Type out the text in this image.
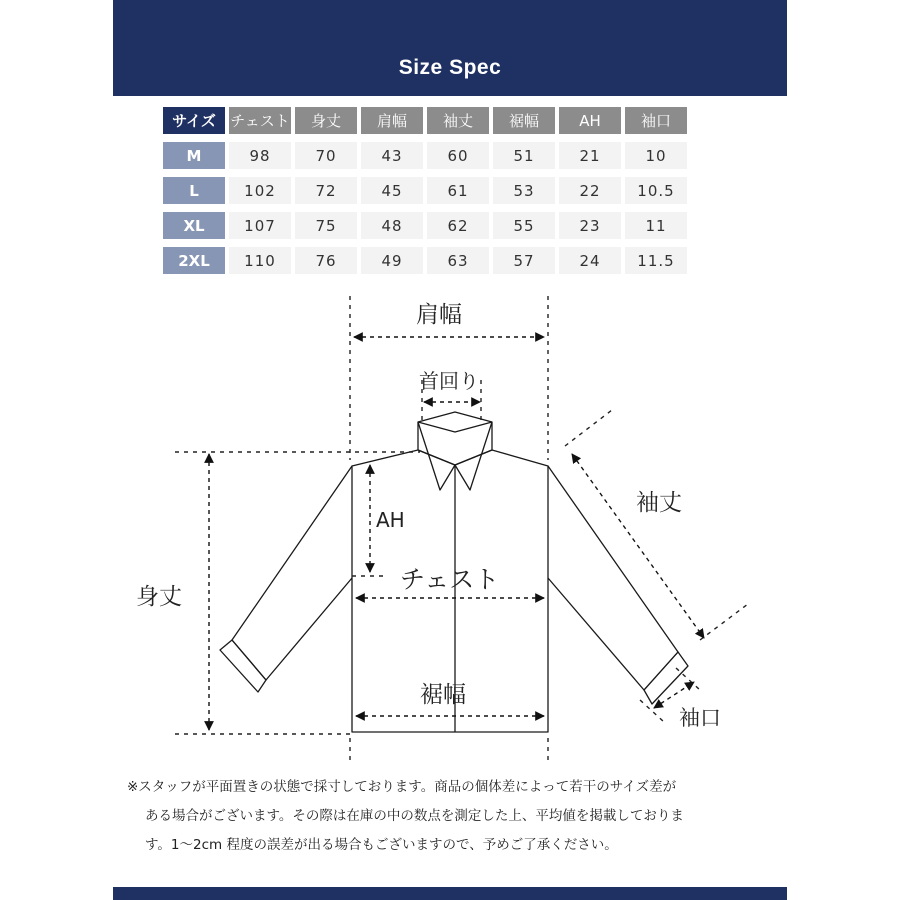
Size Spec
サイズ	チェスト	身丈	肩幅	袖丈	裾幅	AH	袖口

M	98	70	43	60	51	21	10

L	102	72	45	61	53	22	10.5

XL	107	75	48	62	55	23	11

2XL	110	76	49	63	57	24	11.5
肩幅
首回り
袖丈
AH
チェスト
身丈
裾幅
袖口

※スタッフが平面置きの状態で採寸しております。商品の個体差によって若干のサイズ差が

ある場合がございます。その際は在庫の中の数点を測定した上、平均値を掲載しておりま

す。1～2cm 程度の誤差が出る場合もございますので、予めご了承ください。
